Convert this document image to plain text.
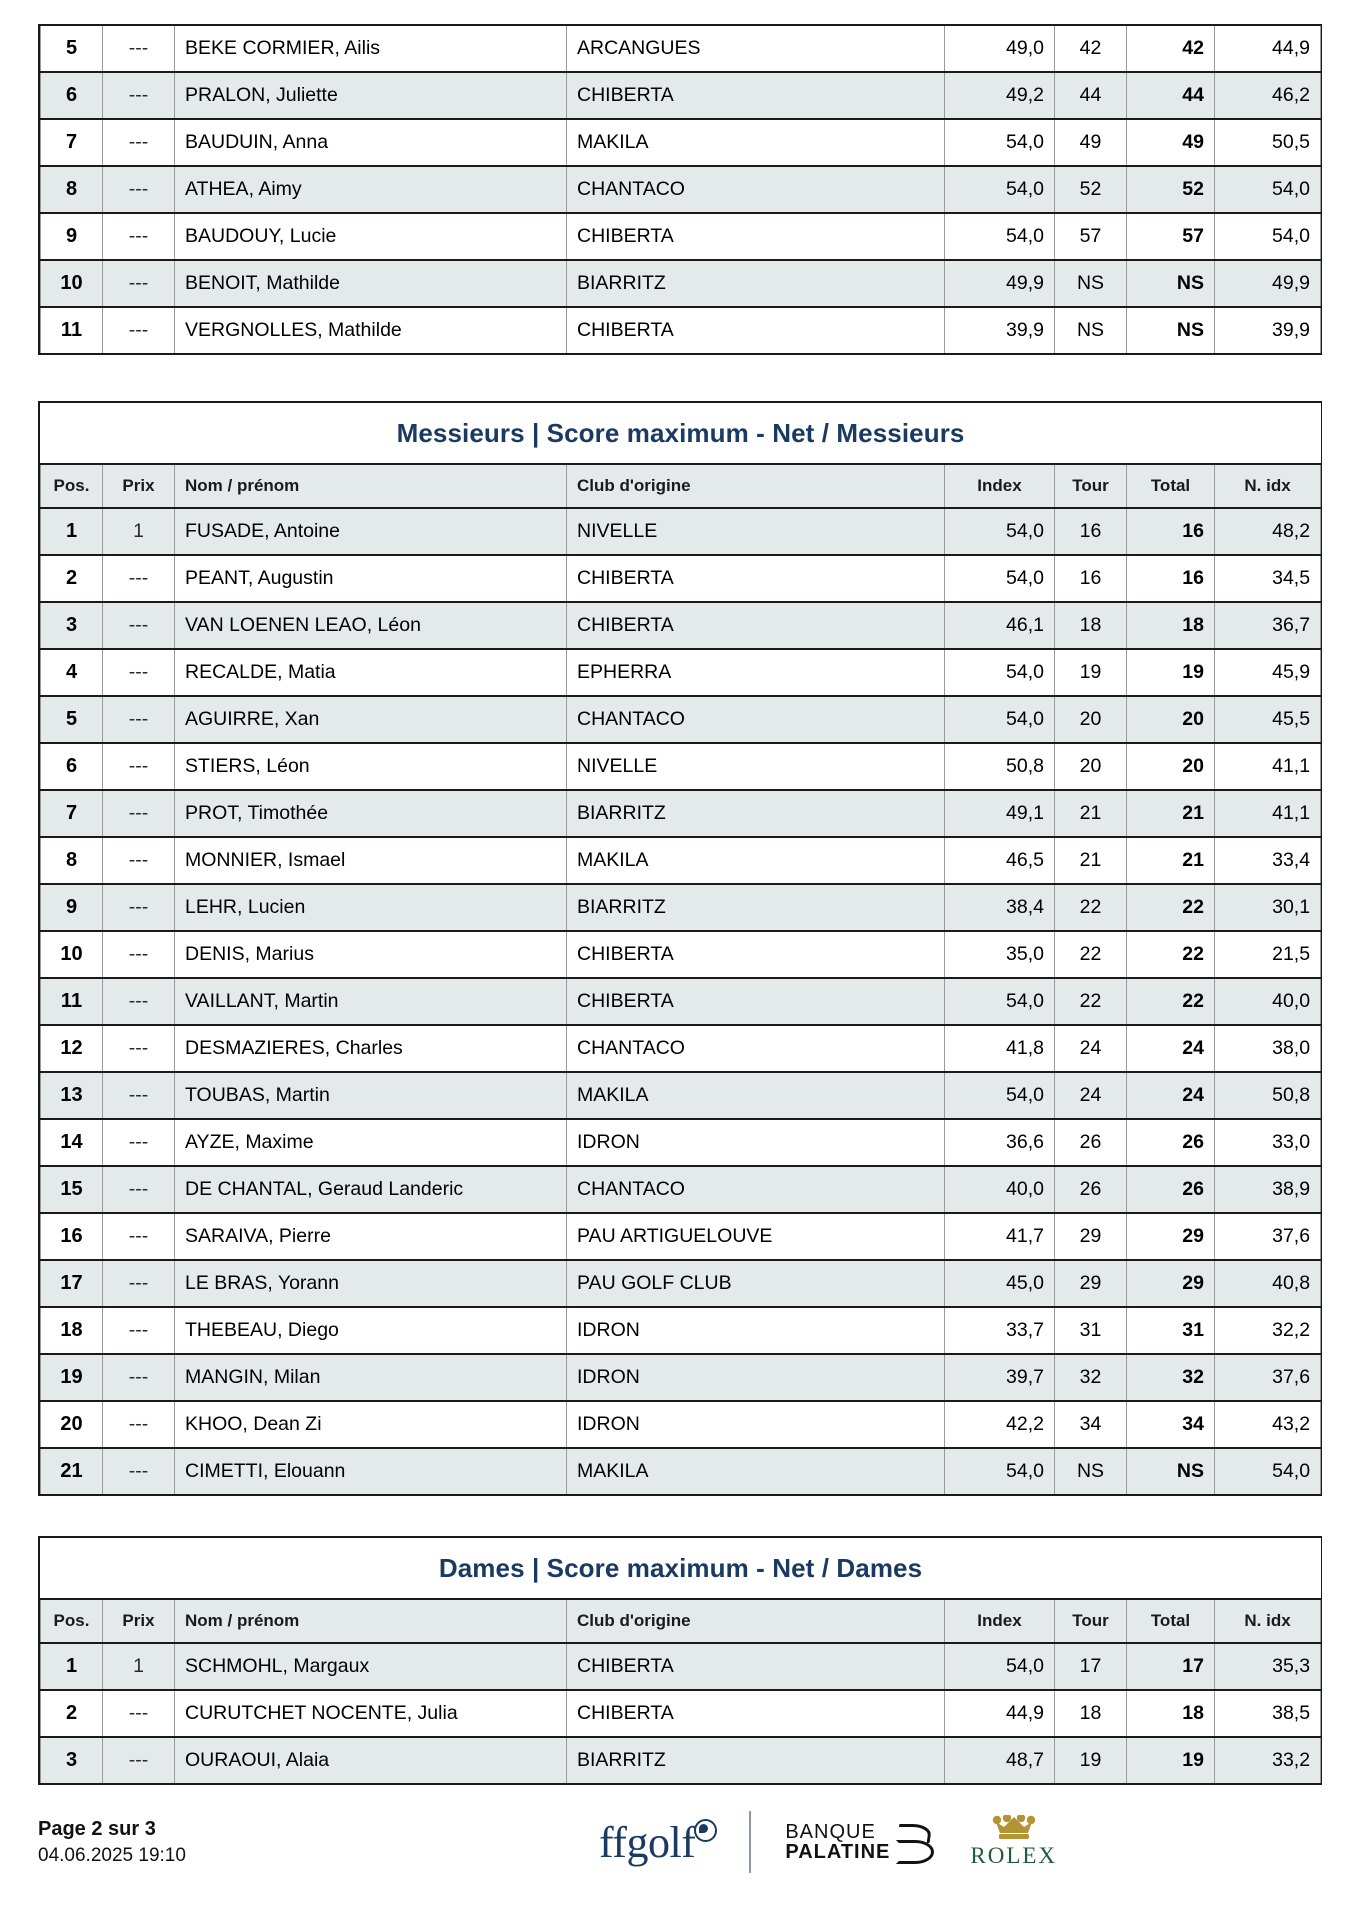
5	---	BEKE CORMIER, Ailis	ARCANGUES	49,0	42	42	44,9
6	---	PRALON, Juliette	CHIBERTA	49,2	44	44	46,2
7	---	BAUDUIN, Anna	MAKILA	54,0	49	49	50,5
8	---	ATHEA, Aimy	CHANTACO	54,0	52	52	54,0
9	---	BAUDOUY, Lucie	CHIBERTA	54,0	57	57	54,0
10	---	BENOIT, Mathilde	BIARRITZ	49,9	NS	NS	49,9
11	---	VERGNOLLES, Mathilde	CHIBERTA	39,9	NS	NS	39,9
Messieurs | Score maximum - Net / Messieurs							
Pos.	Prix	Nom / prénom	Club d'origine	Index	Tour	Total	N. idx
1	1	FUSADE, Antoine	NIVELLE	54,0	16	16	48,2
2	---	PEANT, Augustin	CHIBERTA	54,0	16	16	34,5
3	---	VAN LOENEN LEAO, Léon	CHIBERTA	46,1	18	18	36,7
4	---	RECALDE, Matia	EPHERRA	54,0	19	19	45,9
5	---	AGUIRRE, Xan	CHANTACO	54,0	20	20	45,5
6	---	STIERS, Léon	NIVELLE	50,8	20	20	41,1
7	---	PROT, Timothée	BIARRITZ	49,1	21	21	41,1
8	---	MONNIER, Ismael	MAKILA	46,5	21	21	33,4
9	---	LEHR, Lucien	BIARRITZ	38,4	22	22	30,1
10	---	DENIS, Marius	CHIBERTA	35,0	22	22	21,5
11	---	VAILLANT, Martin	CHIBERTA	54,0	22	22	40,0
12	---	DESMAZIERES, Charles	CHANTACO	41,8	24	24	38,0
13	---	TOUBAS, Martin	MAKILA	54,0	24	24	50,8
14	---	AYZE, Maxime	IDRON	36,6	26	26	33,0
15	---	DE CHANTAL, Geraud Landeric	CHANTACO	40,0	26	26	38,9
16	---	SARAIVA, Pierre	PAU ARTIGUELOUVE	41,7	29	29	37,6
17	---	LE BRAS, Yorann	PAU GOLF CLUB	45,0	29	29	40,8
18	---	THEBEAU, Diego	IDRON	33,7	31	31	32,2
19	---	MANGIN, Milan	IDRON	39,7	32	32	37,6
20	---	KHOO, Dean Zi	IDRON	42,2	34	34	43,2
21	---	CIMETTI, Elouann	MAKILA	54,0	NS	NS	54,0
Dames | Score maximum - Net / Dames							
Pos.	Prix	Nom / prénom	Club d'origine	Index	Tour	Total	N. idx
1	1	SCHMOHL, Margaux	CHIBERTA	54,0	17	17	35,3
2	---	CURUTCHET NOCENTE, Julia	CHIBERTA	44,9	18	18	38,5
3	---	OURAOUI, Alaia	BIARRITZ	48,7	19	19	33,2
Page 2 sur 3
04.06.2025 19:10	ffgolf	BANQUE
PALATINE	ROLEX
